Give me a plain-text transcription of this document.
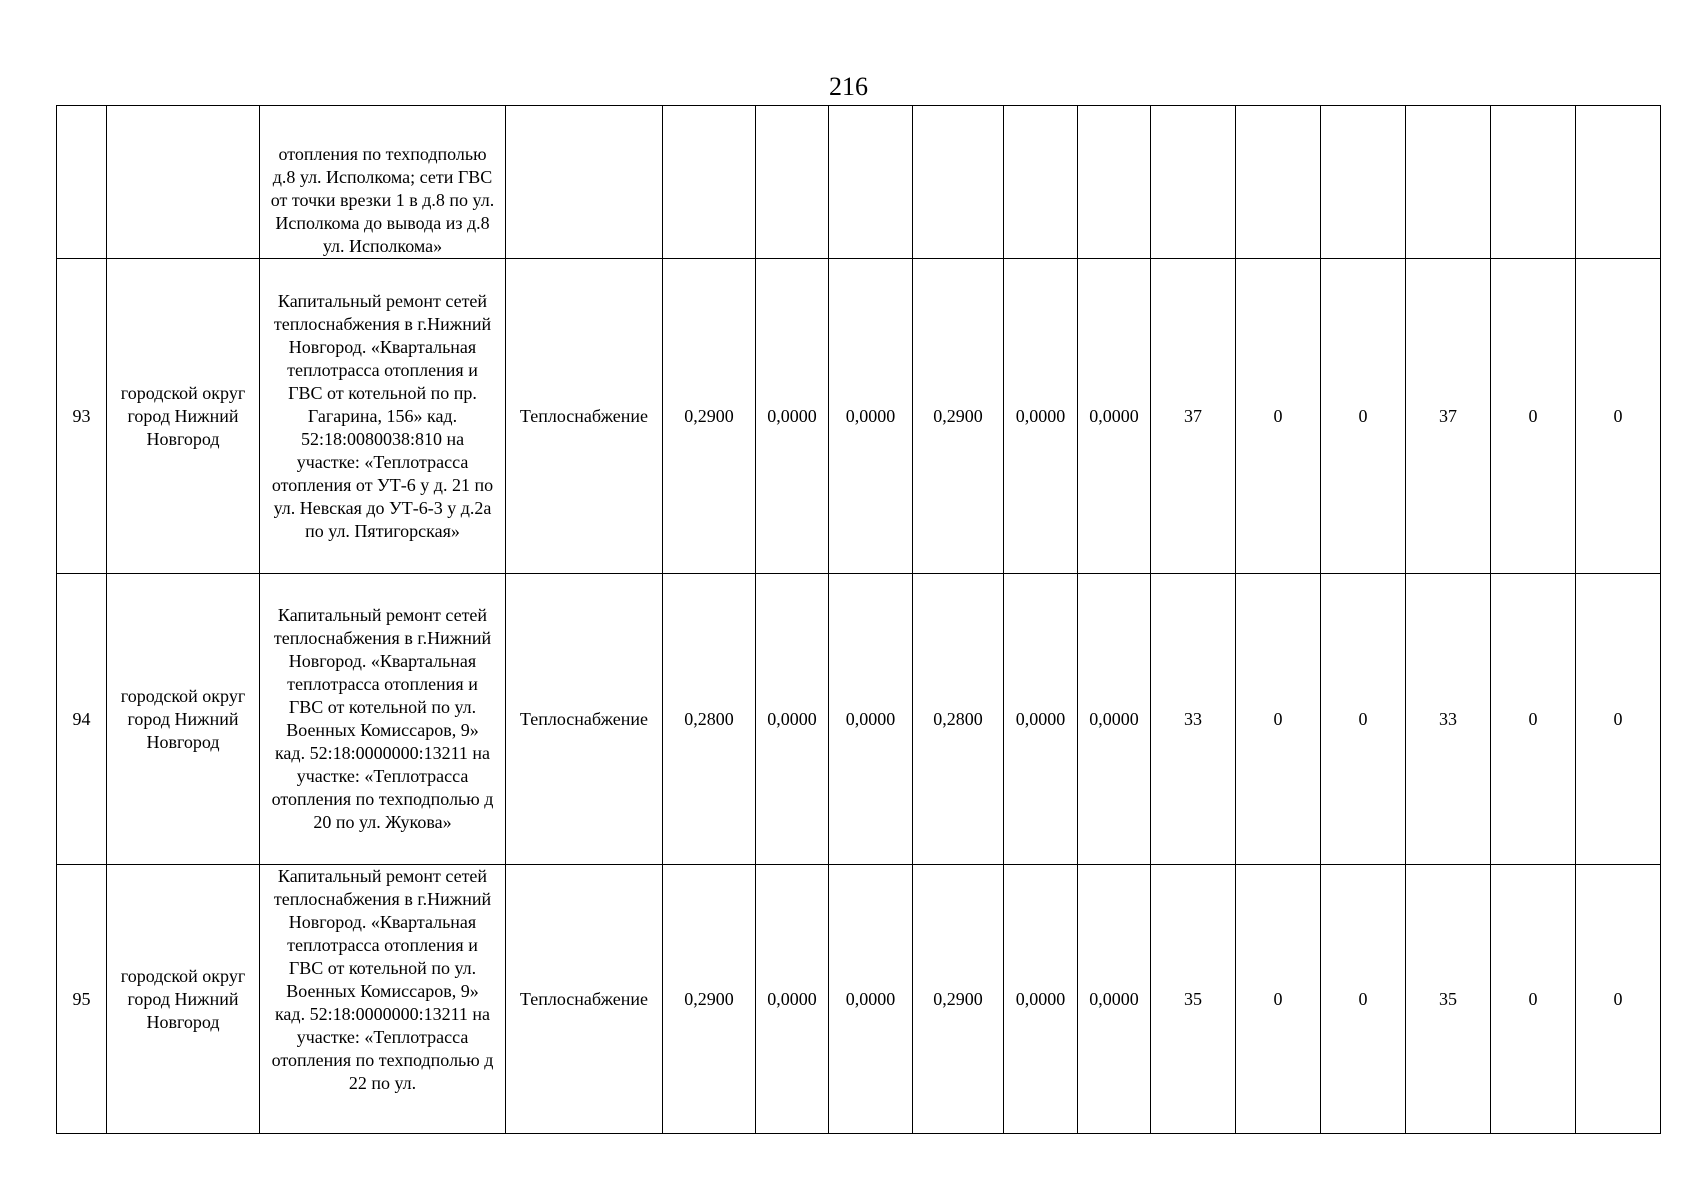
216
		отопления по техподполью д.8 ул. Исполкома; сети ГВС от точки врезки 1 в д.8 по ул. Исполкома до вывода из д.8 ул. Исполкома»													
93	городской округ город Нижний Новгород	Капитальный ремонт сетей теплоснабжения в г.Нижний Новгород. «Квартальная теплотрасса отопления и ГВС от котельной по пр. Гагарина, 156» кад. 52:18:0080038:810 на участке: «Теплотрасса отопления от УТ-6 у д. 21 по ул. Невская до УТ-6-3 у д.2а по ул. Пятигорская»	Теплоснабжение	0,2900	0,0000	0,0000	0,2900	0,0000	0,0000	37	0	0	37	0	0
94	городской округ город Нижний Новгород	Капитальный ремонт сетей теплоснабжения в г.Нижний Новгород. «Квартальная теплотрасса отопления и ГВС от котельной по ул. Военных Комиссаров, 9» кад. 52:18:0000000:13211 на участке: «Теплотрасса отопления по техподполью д 20 по ул. Жукова»	Теплоснабжение	0,2800	0,0000	0,0000	0,2800	0,0000	0,0000	33	0	0	33	0	0
95	городской округ город Нижний Новгород	Капитальный ремонт сетей теплоснабжения в г.Нижний Новгород. «Квартальная теплотрасса отопления и ГВС от котельной по ул. Военных Комиссаров, 9» кад. 52:18:0000000:13211 на участке: «Теплотрасса отопления по техподполью д 22 по ул.	Теплоснабжение	0,2900	0,0000	0,0000	0,2900	0,0000	0,0000	35	0	0	35	0	0
